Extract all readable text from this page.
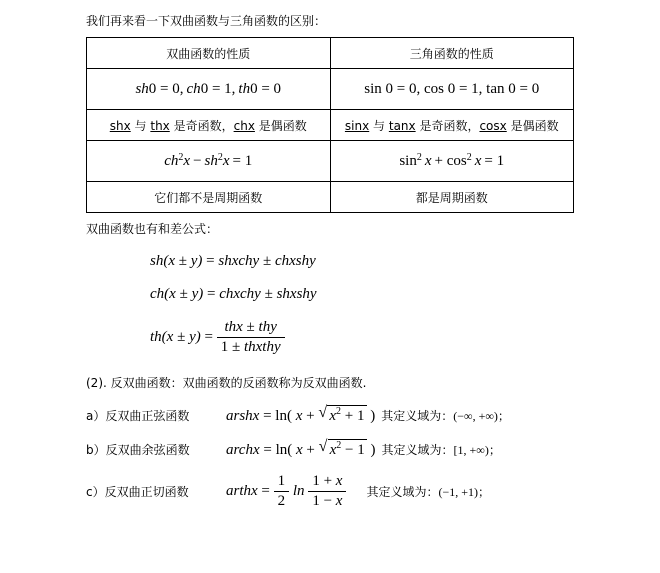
我们再来看一下双曲函数与三角函数的区别：
双曲函数的性质	三角函数的性质
sh0 = 0, ch0 = 1, th0 = 0	sin 0 = 0, cos 0 = 1, tan 0 = 0
shx 与 thx 是奇函数，chx 是偶函数	sinx 与 tanx 是奇函数，cosx 是偶函数
$ch^2x - sh^2x = 1$	$\sin^2 x + \cos^2 x = 1$
它们都不是周期函数	都是周期函数
双曲函数也有和差公式：
sh(x ± y) = shxchy ± chxshy
ch(x ± y) = chxchy ± shxshy
$th(x \pm y) = \frac{\text{thx ± thy}}{\text{1 ± thxthy}}$
(2). 反双曲函数：双曲函数的反函数称为反双曲函数.
a）反双曲正弦函数	arshx = ln( x + √ $x^2 + 1$ ) 其定义域为：(−∞, +∞)；
b）反双曲余弦函数	archx = ln( x + √ $x^2 - 1$ ) 其定义域为：[1, +∞)；
c）反双曲正切函数	arthx = $\frac{1}{2}$ $\ln \frac{1 + x}{1 - x}$ 其定义域为：(−1, +1)；
